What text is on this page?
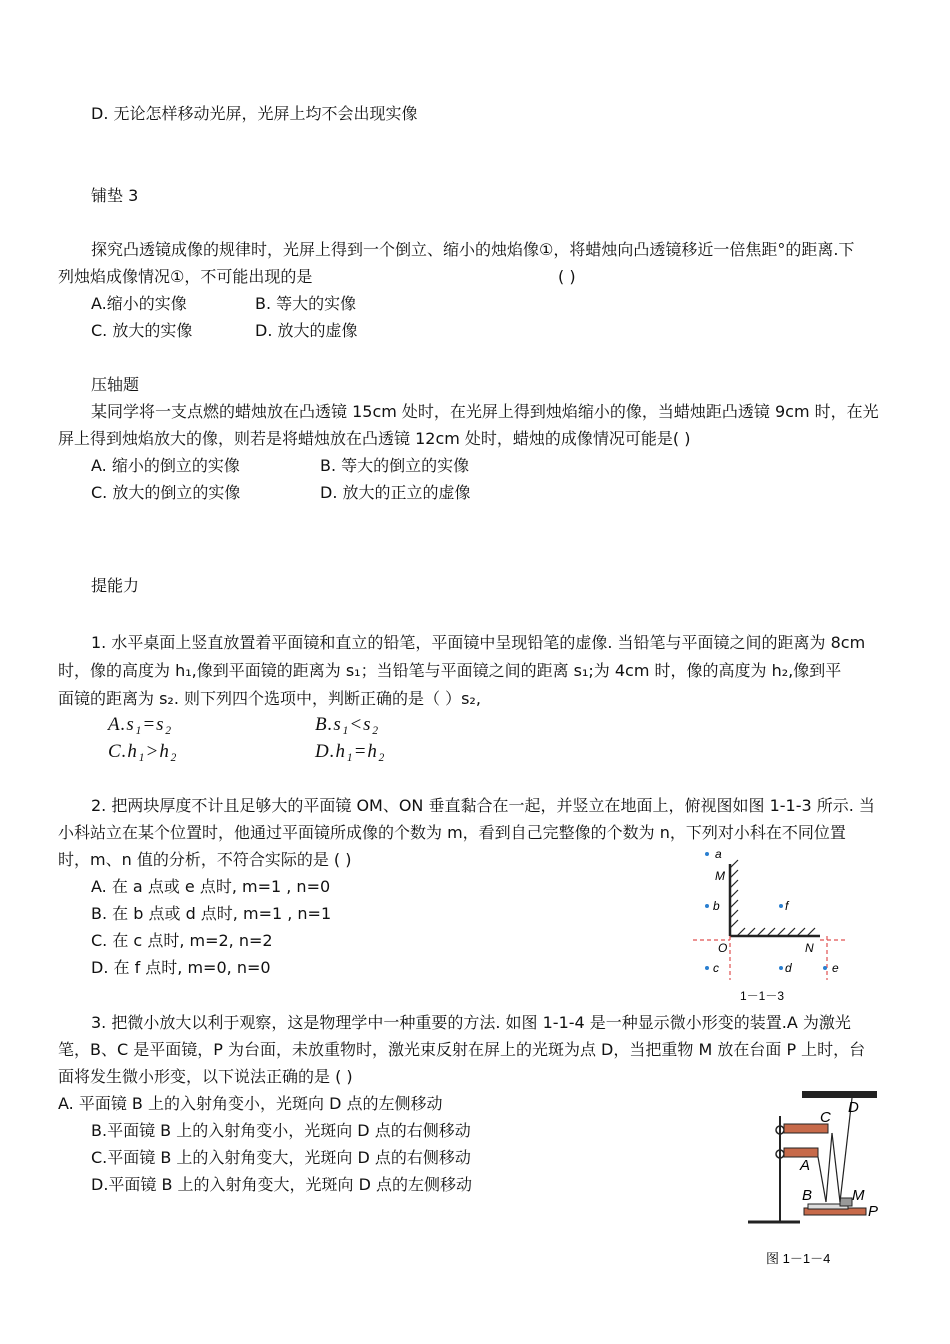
D. 无论怎样移动光屏，光屏上均不会出现实像
铺垫 3
探究凸透镜成像的规律时，光屏上得到一个倒立、缩小的烛焰像①，将蜡烛向凸透镜移近一倍焦距°的距离.下
列烛焰成像情况①，不可能出现的是	( )
A.缩小的实像	B. 等大的实像
C. 放大的实像	D. 放大的虚像
压轴题
某同学将一支点燃的蜡烛放在凸透镜 15cm 处时，在光屏上得到烛焰缩小的像，当蜡烛距凸透镜 9cm 时，在光
屏上得到烛焰放大的像，则若是将蜡烛放在凸透镜 12cm 处时，蜡烛的成像情况可能是( )
A. 缩小的倒立的实像	B. 等大的倒立的实像
C. 放大的倒立的实像	D. 放大的正立的虚像
提能力
1. 水平桌面上竖直放置着平面镜和直立的铅笔，平面镜中呈现铅笔的虚像. 当铅笔与平面镜之间的距离为 8cm
时，像的高度为 h₁,像到平面镜的距离为 s₁；当铅笔与平面镜之间的距离 s₁;为 4cm 时，像的高度为 h₂,像到平
面镜的距离为 s₂. 则下列四个选项中，判断正确的是（ ）s₂,
A.s₁=s₂	B.s₁<s₂
C.h₁>h₂	D.h₁=h₂
2. 把两块厚度不计且足够大的平面镜 OM、ON 垂直黏合在一起，并竖立在地面上，俯视图如图 1-1-3 所示. 当
小科站立在某个位置时，他通过平面镜所成像的个数为 m，看到自己完整像的个数为 n，下列对小科在不同位置
时，m、n 值的分析，不符合实际的是 ( )
A. 在 a 点或 e 点时, m=1 , n=0
B. 在 b 点或 d 点时, m=1 , n=1
C. 在 c 点时, m=2, n=2
D. 在 f 点时, m=0, n=0
a
M
b	f
O	N
c	d	e
1－1－3
3. 把微小放大以利于观察，这是物理学中一种重要的方法. 如图 1-1-4 是一种显示微小形变的装置.A 为激光
笔，B、C 是平面镜，P 为台面，未放重物时，激光束反射在屏上的光斑为点 D，当把重物 M 放在台面 P 上时，台
面将发生微小形变，以下说法正确的是 ( )
A. 平面镜 B 上的入射角变小，光斑向 D 点的左侧移动
B.平面镜 B 上的入射角变小，光斑向 D 点的右侧移动
C.平面镜 B 上的入射角变大，光斑向 D 点的右侧移动
D.平面镜 B 上的入射角变大，光斑向 D 点的左侧移动
D
C
A
B	M
P
图 1－1－4
